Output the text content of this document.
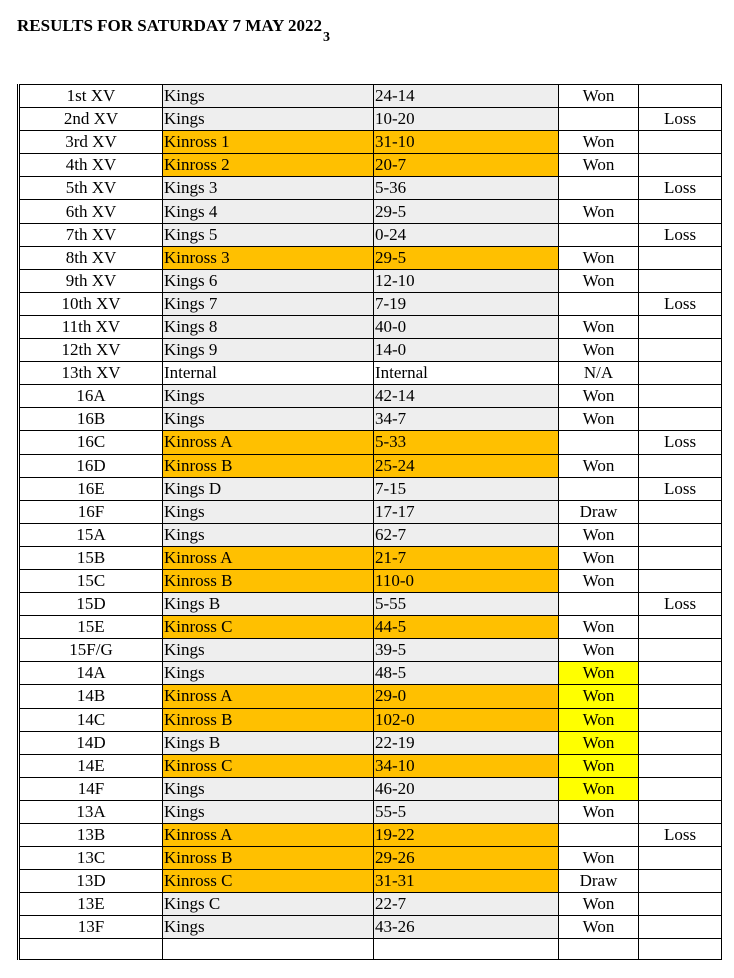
RESULTS FOR SATURDAY 7 MAY $2022_3$
1st XV	Kings	24-14	Won	
2nd XV	Kings	10-20		Loss
3rd XV	Kinross 1	31-10	Won	
4th XV	Kinross 2	20-7	Won	
5th XV	Kings 3	5-36		Loss
6th XV	Kings 4	29-5	Won	
7th XV	Kings 5	0-24		Loss
8th XV	Kinross 3	29-5	Won	
9th XV	Kings 6	12-10	Won	
10th XV	Kings 7	7-19		Loss
11th XV	Kings 8	40-0	Won	
12th XV	Kings 9	14-0	Won	
13th XV	Internal	Internal	N/A	
16A	Kings	42-14	Won	
16B	Kings	34-7	Won	
16C	Kinross A	5-33		Loss
16D	Kinross B	25-24	Won	
16E	Kings D	7-15		Loss
16F	Kings	17-17	Draw	
15A	Kings	62-7	Won	
15B	Kinross A	21-7	Won	
15C	Kinross B	110-0	Won	
15D	Kings B	5-55		Loss
15E	Kinross C	44-5	Won	
15F/G	Kings	39-5	Won	
14A	Kings	48-5	Won	
14B	Kinross A	29-0	Won	
14C	Kinross B	102-0	Won	
14D	Kings B	22-19	Won	
14E	Kinross C	34-10	Won	
14F	Kings	46-20	Won	
13A	Kings	55-5	Won	
13B	Kinross A	19-22		Loss
13C	Kinross B	29-26	Won	
13D	Kinross C	31-31	Draw	
13E	Kings C	22-7	Won	
13F	Kings	43-26	Won	
